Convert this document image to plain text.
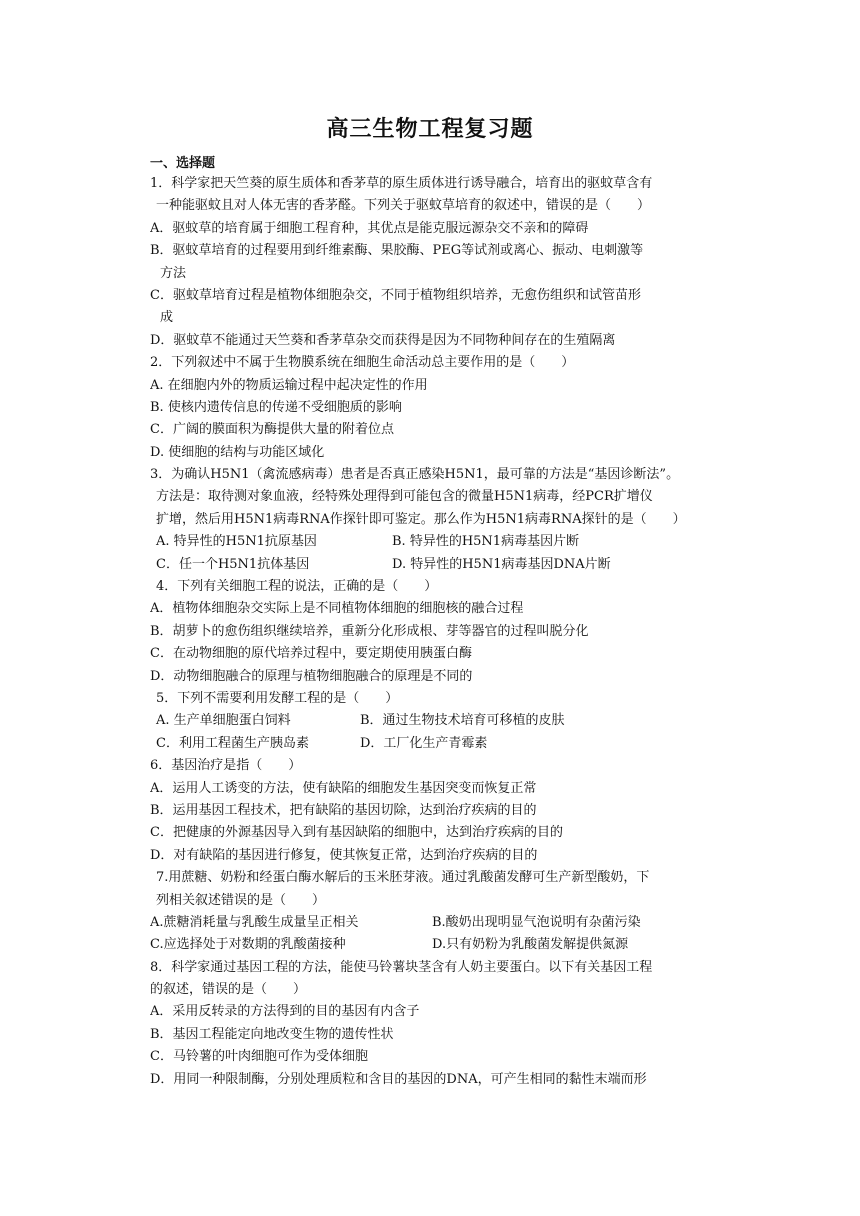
高三生物工程复习题
一、选择题
1．科学家把天竺葵的原生质体和香茅草的原生质体进行诱导融合，培育出的驱蚊草含有
一种能驱蚊且对人体无害的香茅醛。下列关于驱蚊草培育的叙述中，错误的是（　　）
A．驱蚊草的培育属于细胞工程育种，其优点是能克服远源杂交不亲和的障碍
B．驱蚊草培育的过程要用到纤维素酶、果胶酶、PEG等试剂或离心、振动、电刺激等
方法
C．驱蚊草培育过程是植物体细胞杂交，不同于植物组织培养，无愈伤组织和试管苗形
成
D．驱蚊草不能通过天竺葵和香茅草杂交而获得是因为不同物种间存在的生殖隔离
2．下列叙述中不属于生物膜系统在细胞生命活动总主要作用的是（　　）
A. 在细胞内外的物质运输过程中起决定性的作用
B. 使核内遗传信息的传递不受细胞质的影响
C．广阔的膜面积为酶提供大量的附着位点
D. 使细胞的结构与功能区域化
3．为确认H5N1（禽流感病毒）患者是否真正感染H5N1，最可靠的方法是“基因诊断法”。
方法是：取待测对象血液，经特殊处理得到可能包含的微量H5N1病毒，经PCR扩增仪
扩增，然后用H5N1病毒RNA作探针即可鉴定。那么作为H5N1病毒RNA探针的是（　　）
A. 特异性的H5N1抗原基因	B. 特异性的H5N1病毒基因片断
C．任一个H5N1抗体基因	D. 特异性的H5N1病毒基因DNA片断
4．下列有关细胞工程的说法，正确的是（　　）
A．植物体细胞杂交实际上是不同植物体细胞的细胞核的融合过程
B．胡萝卜的愈伤组织继续培养，重新分化形成根、芽等器官的过程叫脱分化
C．在动物细胞的原代培养过程中，要定期使用胰蛋白酶
D．动物细胞融合的原理与植物细胞融合的原理是不同的
5．下列不需要利用发酵工程的是（　　）
A. 生产单细胞蛋白饲料	B．通过生物技术培育可移植的皮肤
C．利用工程菌生产胰岛素	D．工厂化生产青霉素
6．基因治疗是指（　　）
A．运用人工诱变的方法，使有缺陷的细胞发生基因突变而恢复正常
B．运用基因工程技术，把有缺陷的基因切除，达到治疗疾病的目的
C．把健康的外源基因导入到有基因缺陷的细胞中，达到治疗疾病的目的
D．对有缺陷的基因进行修复，使其恢复正常，达到治疗疾病的目的
7.用蔗糖、奶粉和经蛋白酶水解后的玉米胚芽液。通过乳酸菌发酵可生产新型酸奶，下
列相关叙述错误的是（　　）
A.蔗糖消耗量与乳酸生成量呈正相关	B.酸奶出现明显气泡说明有杂菌污染
C.应选择处于对数期的乳酸菌接种	D.只有奶粉为乳酸菌发解提供氮源
8．科学家通过基因工程的方法，能使马铃薯块茎含有人奶主要蛋白。以下有关基因工程
的叙述，错误的是（　　）
A．采用反转录的方法得到的目的基因有内含子
B．基因工程能定向地改变生物的遗传性状
C．马铃薯的叶肉细胞可作为受体细胞
D．用同一种限制酶，分别处理质粒和含目的基因的DNA，可产生相同的黏性末端而形
